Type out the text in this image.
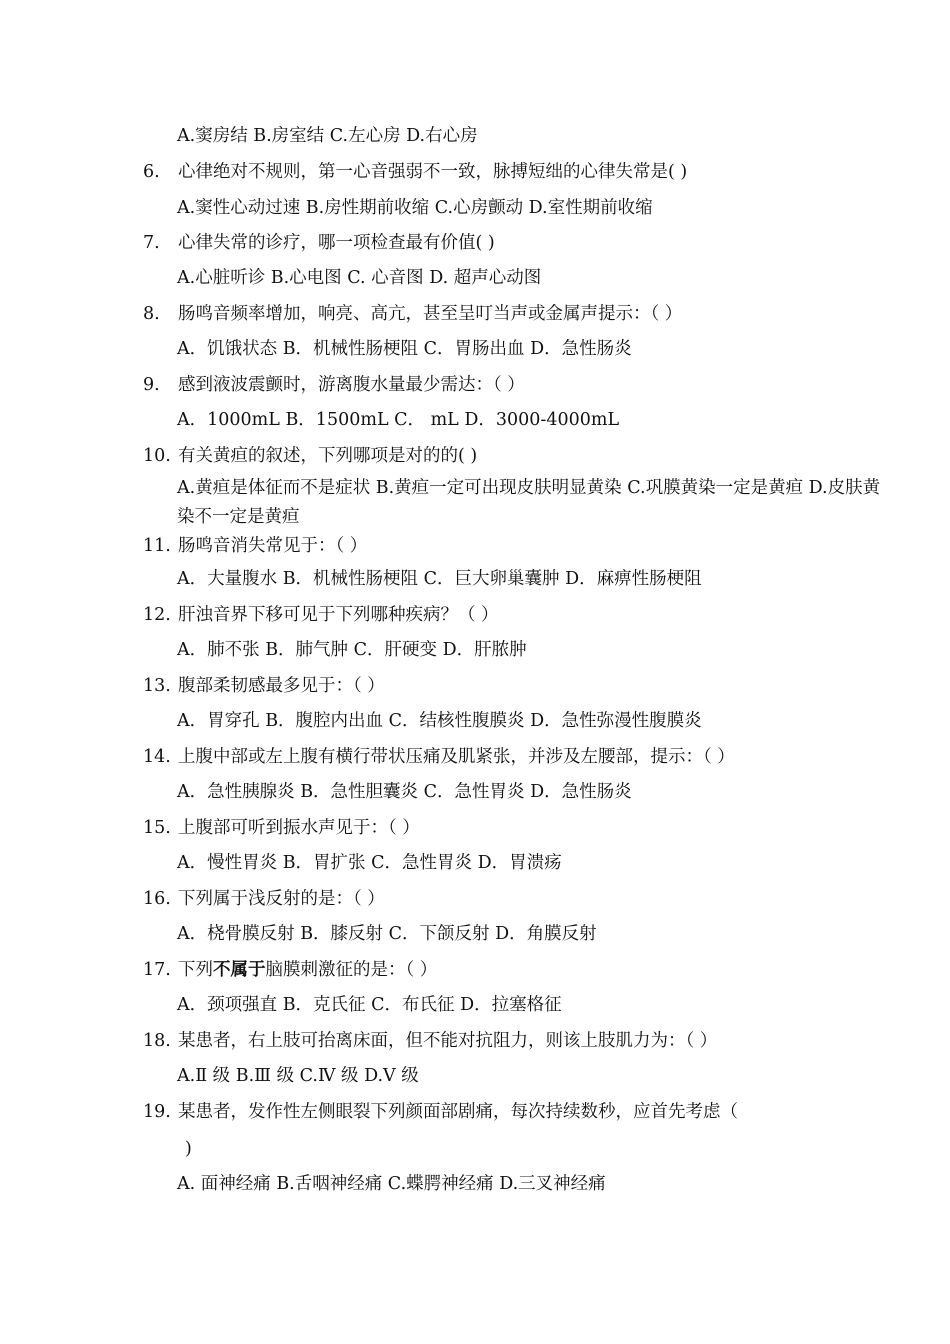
A.窦房结 B.房室结 C.左心房 D.右心房
6. 心律绝对不规则，第一心音强弱不一致，脉搏短绌的心律失常是( )
A.窦性心动过速 B.房性期前收缩 C.心房颤动 D.室性期前收缩
7. 心律失常的诊疗，哪一项检查最有价值( )
A.心脏听诊 B.心电图 C. 心音图 D. 超声心动图
8. 肠鸣音频率增加，响亮、高亢，甚至呈叮当声或金属声提示：（ ）
A．饥饿状态 B．机械性肠梗阻 C．胃肠出血 D．急性肠炎
9. 感到液波震颤时，游离腹水量最少需达：（ ）
A．1000mL B．1500mL C． mL D．3000-4000mL
10. 有关黄疸的叙述，下列哪项是对的的( )
A.黄疸是体征而不是症状 B.黄疸一定可出现皮肤明显黄染 C.巩膜黄染一定是黄疸 D.皮肤黄染不一定是黄疸
11. 肠鸣音消失常见于：（ ）
A．大量腹水 B．机械性肠梗阻 C．巨大卵巢囊肿 D．麻痹性肠梗阻
12. 肝浊音界下移可见于下列哪种疾病？（ ）
A．肺不张 B．肺气肿 C．肝硬变 D．肝脓肿
13. 腹部柔韧感最多见于：（ ）
A．胃穿孔 B．腹腔内出血 C．结核性腹膜炎 D．急性弥漫性腹膜炎
14. 上腹中部或左上腹有横行带状压痛及肌紧张，并涉及左腰部，提示：（ ）
A．急性胰腺炎 B．急性胆囊炎 C．急性胃炎 D．急性肠炎
15. 上腹部可听到振水声见于：（ ）
A．慢性胃炎 B．胃扩张 C．急性胃炎 D．胃溃疡
16. 下列属于浅反射的是：（ ）
A．桡骨膜反射 B．膝反射 C．下颌反射 D．角膜反射
17. 下列不属于脑膜刺激征的是：（ ）
A．颈项强直 B．克氏征 C．布氏征 D．拉塞格征
18. 某患者，右上肢可抬离床面，但不能对抗阻力，则该上肢肌力为：（ ）
A.Ⅱ 级 B.Ⅲ 级 C.Ⅳ 级 D.Ⅴ 级
19. 某患者，发作性左侧眼裂下列颜面部剧痛，每次持续数秒，应首先考虑（
)
A. 面神经痛 B.舌咽神经痛 C.蝶腭神经痛 D.三叉神经痛
